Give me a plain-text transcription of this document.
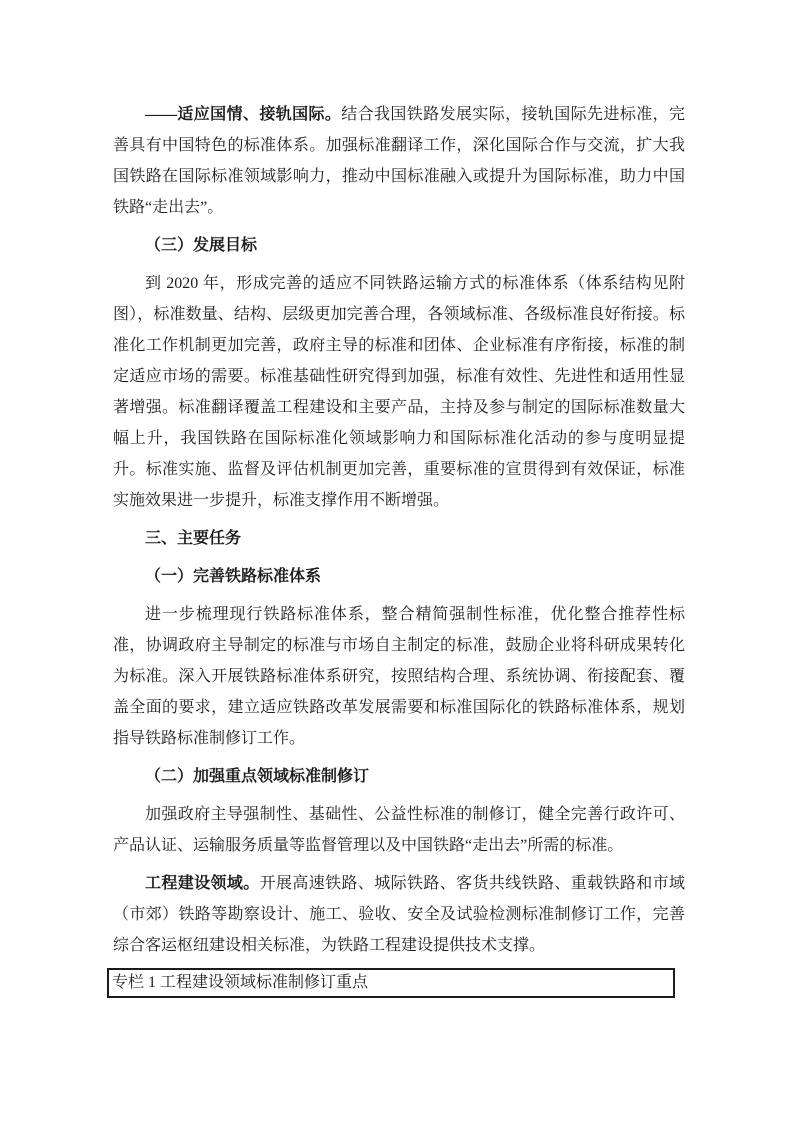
——适应国情、接轨国际。结合我国铁路发展实际，接轨国际先进标准，完善具有中国特色的标准体系。加强标准翻译工作，深化国际合作与交流，扩大我国铁路在国际标准领域影响力，推动中国标准融入或提升为国际标准，助力中国铁路“走出去”。

（三）发展目标

到 2020 年，形成完善的适应不同铁路运输方式的标准体系（体系结构见附图），标准数量、结构、层级更加完善合理，各领域标准、各级标准良好衔接。标准化工作机制更加完善，政府主导的标准和团体、企业标准有序衔接，标准的制定适应市场的需要。标准基础性研究得到加强，标准有效性、先进性和适用性显著增强。标准翻译覆盖工程建设和主要产品，主持及参与制定的国际标准数量大幅上升，我国铁路在国际标准化领域影响力和国际标准化活动的参与度明显提升。标准实施、监督及评估机制更加完善，重要标准的宣贯得到有效保证，标准实施效果进一步提升，标准支撑作用不断增强。

三、主要任务

（一）完善铁路标准体系

进一步梳理现行铁路标准体系，整合精简强制性标准，优化整合推荐性标准，协调政府主导制定的标准与市场自主制定的标准，鼓励企业将科研成果转化为标准。深入开展铁路标准体系研究，按照结构合理、系统协调、衔接配套、覆盖全面的要求，建立适应铁路改革发展需要和标准国际化的铁路标准体系，规划指导铁路标准制修订工作。

（二）加强重点领域标准制修订

加强政府主导强制性、基础性、公益性标准的制修订，健全完善行政许可、产品认证、运输服务质量等监督管理以及中国铁路“走出去”所需的标准。

工程建设领域。开展高速铁路、城际铁路、客货共线铁路、重载铁路和市域（市郊）铁路等勘察设计、施工、验收、安全及试验检测标准制修订工作，完善综合客运枢纽建设相关标准，为铁路工程建设提供技术支撑。

专栏 1 工程建设领域标准制修订重点
